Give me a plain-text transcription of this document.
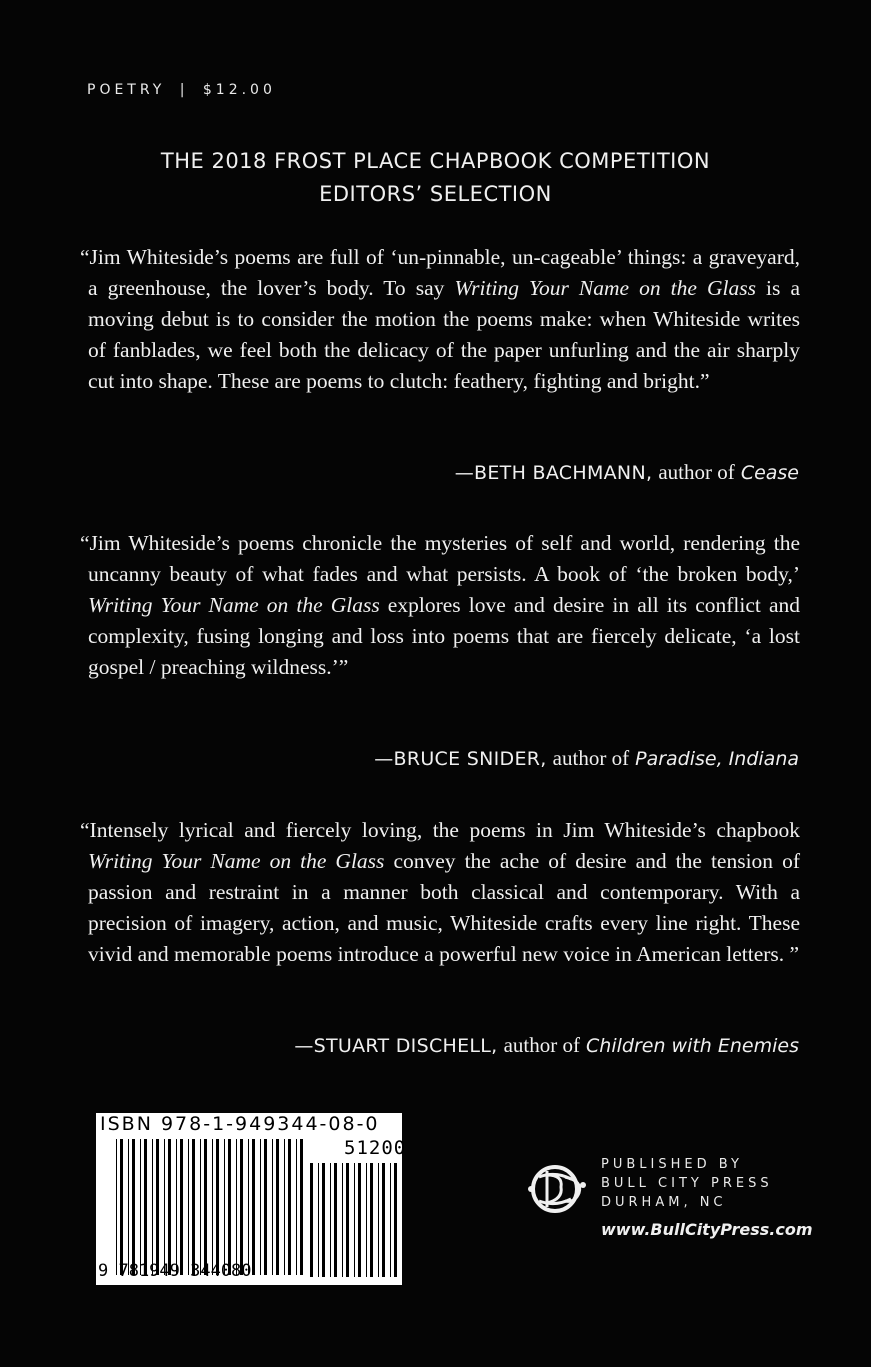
POETRY | $12.00
THE 2018 FROST PLACE CHAPBOOK COMPETITION
EDITORS’ SELECTION

“Jim Whiteside’s poems are full of ‘un-pinnable, un-cageable’ things: a graveyard, a greenhouse, the lover’s body. To say Writing Your Name on the Glass is a moving debut is to consider the motion the poems make: when Whiteside writes of fanblades, we feel both the delicacy of the paper unfurling and the air sharply cut into shape. These are poems to clutch: feathery, fighting and bright.”

—BETH BACHMANN, author of Cease

“Jim Whiteside’s poems chronicle the mysteries of self and world, rendering the uncanny beauty of what fades and what persists. A book of ‘the broken body,’ Writing Your Name on the Glass explores love and desire in all its conflict and complexity, fusing longing and loss into poems that are fiercely delicate, ‘a lost gospel / preaching wildness.’”

—BRUCE SNIDER, author of Paradise, Indiana

“Intensely lyrical and fiercely loving, the poems in Jim Whiteside’s chapbook Writing Your Name on the Glass convey the ache of desire and the tension of passion and restraint in a manner both classical and contemporary. With a precision of imagery, action, and music, Whiteside crafts every line right. These vivid and memorable poems introduce a powerful new voice in American letters. ”

—STUART DISCHELL, author of Children with Enemies
ISBN 978-1-949344-08-0
51200
9 781949 344080
PUBLISHED BY
BULL CITY PRESS
DURHAM, NC
www.BullCityPress.com
